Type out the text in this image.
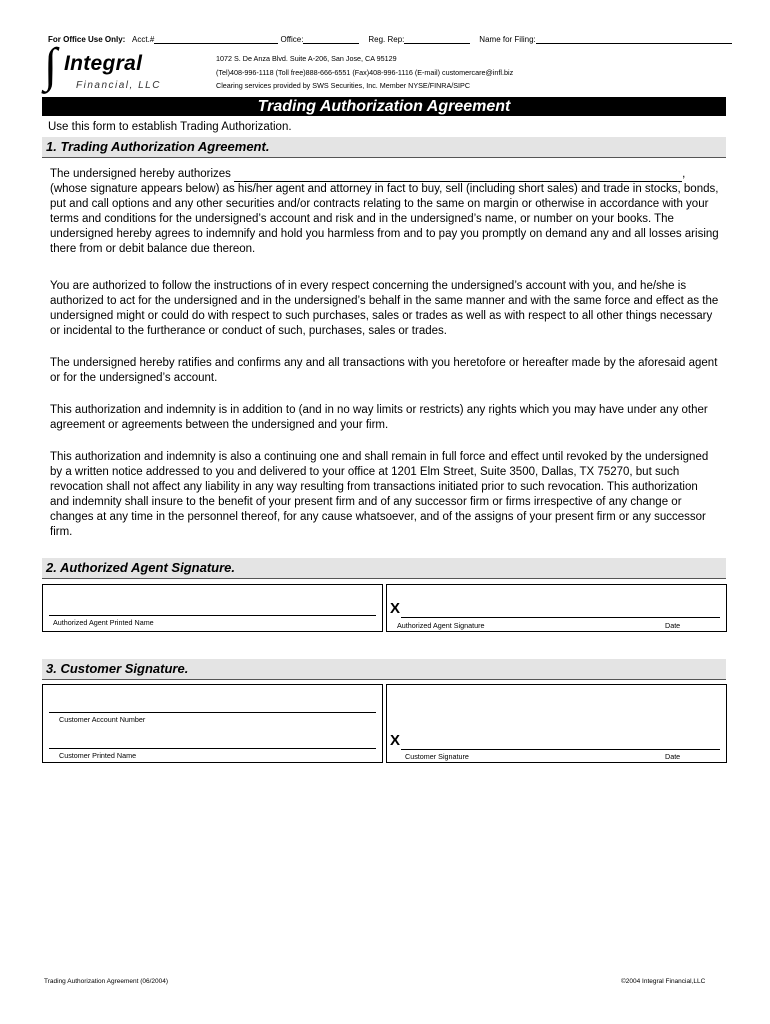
For Office Use Only: Acct.#	Office:	Reg. Rep:	Name for Filing:
∫ Integral
Financial, LLC
1072 S. De Anza Blvd. Suite A-206, San Jose, CA 95129
(Tel)408-996-1118 (Toll free)888-666-6551 (Fax)408-996-1116 (E-mail) customercare@infl.biz
Clearing services provided by SWS Securities, Inc. Member NYSE/FINRA/SIPC
Trading Authorization Agreement
Use this form to establish Trading Authorization.
1. Trading Authorization Agreement.

The undersigned hereby authorizes	, (whose signature appears below) as his/her agent and attorney in fact to buy, sell (including short sales) and trade in stocks, bonds, put and call options and any other securities and/or contracts relating to the same on margin or otherwise in accordance with your terms and conditions for the undersigned’s account and risk and in the undersigned’s name, or number on your books. The undersigned hereby agrees to indemnify and hold you harmless from and to pay you promptly on demand any and all losses arising there from or debit balance due thereon.

You are authorized to follow the instructions of in every respect concerning the undersigned’s account with you, and he/she is authorized to act for the undersigned and in the undersigned’s behalf in the same manner and with the same force and effect as the undersigned might or could do with respect to such purchases, sales or trades as well as with respect to all other things necessary or incidental to the furtherance or conduct of such, purchases, sales or trades.

The undersigned hereby ratifies and confirms any and all transactions with you heretofore or hereafter made by the aforesaid agent or for the undersigned’s account.

This authorization and indemnity is in addition to (and in no way limits or restricts) any rights which you may have under any other agreement or agreements between the undersigned and your firm.

This authorization and indemnity is also a continuing one and shall remain in full force and effect until revoked by the undersigned by a written notice addressed to you and delivered to your office at 1201 Elm Street, Suite 3500, Dallas, TX 75270, but such revocation shall not affect any liability in any way resulting from transactions initiated prior to such revocation. This authorization and indemnity shall insure to the benefit of your present firm and of any successor firm or firms irrespective of any change or changes at any time in the personnel thereof, for any cause whatsoever, and of the assigns of your present firm or any successor firm.

2. Authorized Agent Signature.
Authorized Agent Printed Name
X
Authorized Agent Signature	Date
3. Customer Signature.
Customer Account Number
Customer Printed Name
X
Customer Signature	Date
Trading Authorization Agreement (06/2004)	©2004 Integral Financial,LLC
